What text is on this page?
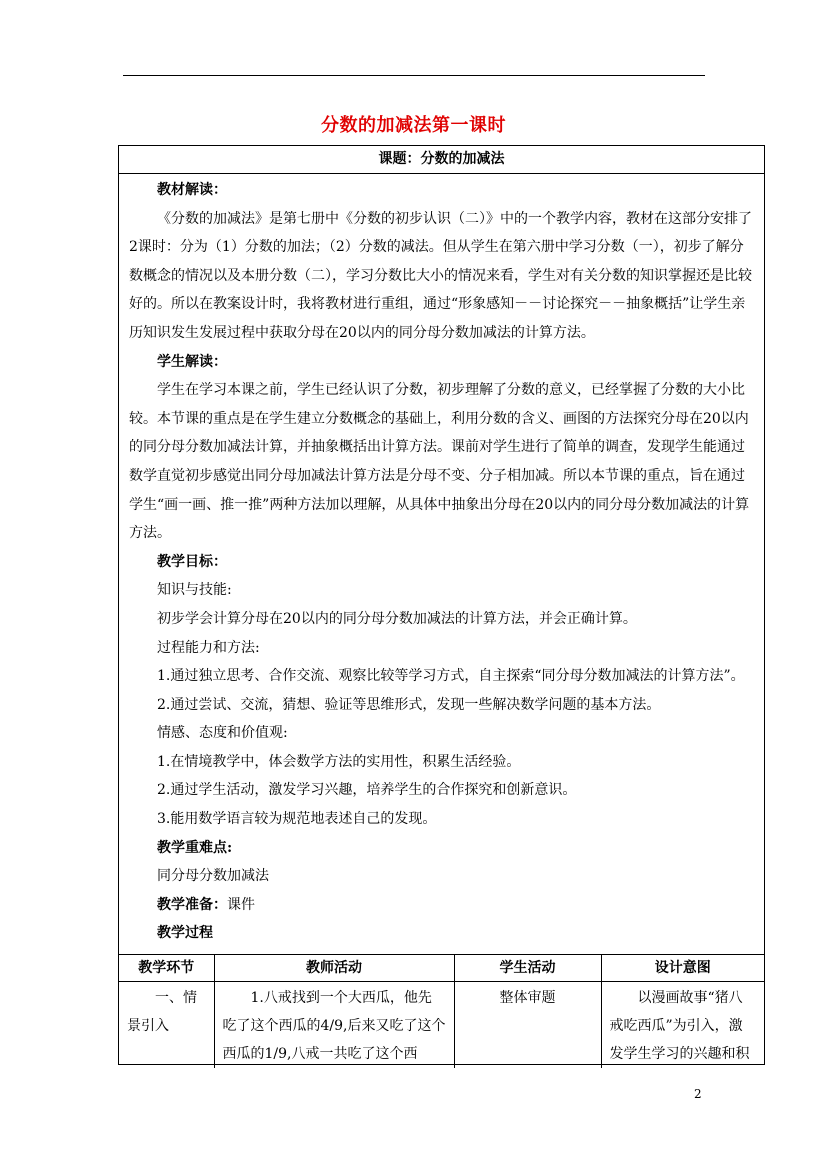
分数的加减法第一课时
课题：分数的加减法

教材解读：

《分数的加减法》是第七册中《分数的初步认识（二）》中的一个教学内容，教材在这部分安排了2课时：分为（1）分数的加法；（2）分数的减法。但从学生在第六册中学习分数（一），初步了解分数概念的情况以及本册分数（二），学习分数比大小的情况来看，学生对有关分数的知识掌握还是比较好的。所以在教案设计时，我将教材进行重组，通过“形象感知－－讨论探究－－抽象概括”让学生亲历知识发生发展过程中获取分母在20以内的同分母分数加减法的计算方法。

学生解读：

学生在学习本课之前，学生已经认识了分数，初步理解了分数的意义，已经掌握了分数的大小比较。本节课的重点是在学生建立分数概念的基础上，利用分数的含义、画图的方法探究分母在20以内的同分母分数加减法计算，并抽象概括出计算方法。课前对学生进行了简单的调查，发现学生能通过数学直觉初步感觉出同分母加减法计算方法是分母不变、分子相加减。所以本节课的重点，旨在通过学生“画一画、推一推”两种方法加以理解，从具体中抽象出分母在20以内的同分母分数加减法的计算方法。

教学目标：

知识与技能:

初步学会计算分母在20以内的同分母分数加减法的计算方法，并会正确计算。

过程能力和方法:

1.通过独立思考、合作交流、观察比较等学习方式，自主探索“同分母分数加减法的计算方法”。

2.通过尝试、交流，猜想、验证等思维形式，发现一些解决数学问题的基本方法。

情感、态度和价值观:

1.在情境教学中，体会数学方法的实用性，积累生活经验。

2.通过学生活动，激发学习兴趣，培养学生的合作探究和创新意识。

3.能用数学语言较为规范地表述自己的发现。

教学重难点:

同分母分数加减法

教学准备：课件

教学过程

教学环节	教师活动	学生活动	设计意图
一、情景引入	1.八戒找到一个大西瓜，他先吃了这个西瓜的4/9,后来又吃了这个西瓜的1/9,八戒一共吃了这个西	整体审题	以漫画故事“猪八戒吃西瓜”为引入，激发学生学习的兴趣和积
2
